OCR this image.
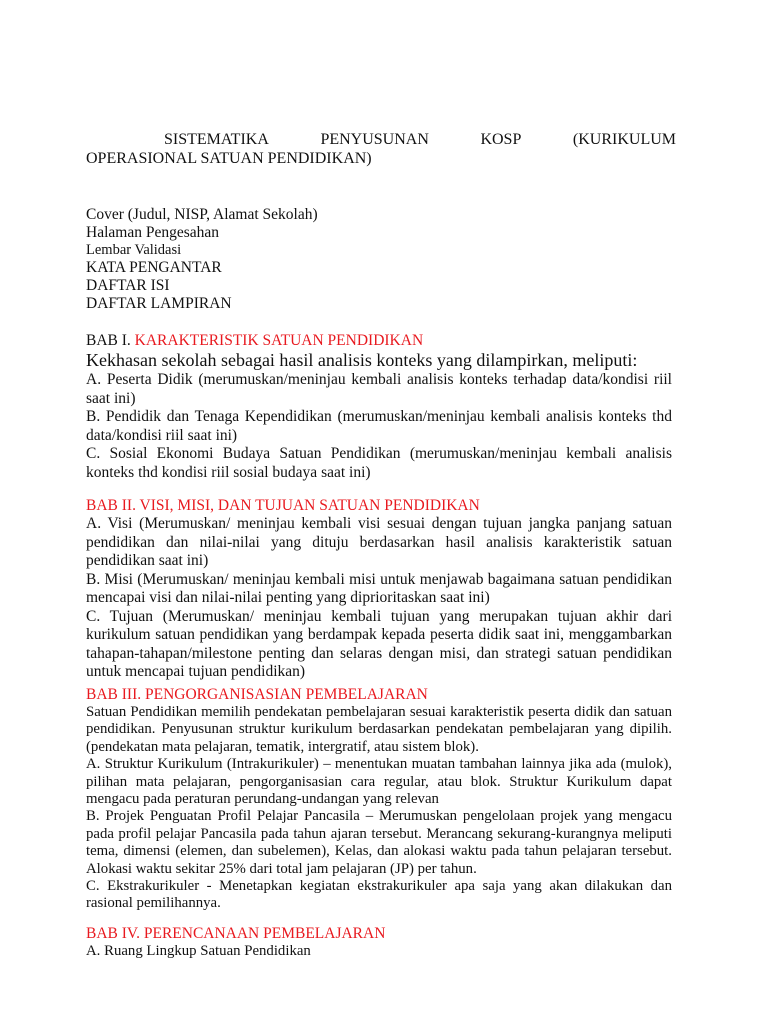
SISTEMATIKA	PENYUSUNAN	KOSP	(KURIKULUM
OPERASIONAL SATUAN PENDIDIKAN)
Cover (Judul, NISP, Alamat Sekolah)
Halaman Pengesahan
Lembar Validasi
KATA PENGANTAR
DAFTAR ISI
DAFTAR LAMPIRAN
BAB I. KARAKTERISTIK SATUAN PENDIDIKAN
Kekhasan sekolah sebagai hasil analisis konteks yang dilampirkan, meliputi:
A. Peserta Didik (merumuskan/meninjau kembali analisis konteks terhadap data/kondisi riil saat ini)
B. Pendidik dan Tenaga Kependidikan (merumuskan/meninjau kembali analisis konteks thd data/kondisi riil saat ini)
C. Sosial Ekonomi Budaya Satuan Pendidikan (merumuskan/meninjau kembali analisis konteks thd kondisi riil sosial budaya saat ini)
BAB II. VISI, MISI, DAN TUJUAN SATUAN PENDIDIKAN
A. Visi (Merumuskan/ meninjau kembali visi sesuai dengan tujuan jangka panjang satuan pendidikan dan nilai-nilai yang dituju berdasarkan hasil analisis karakteristik satuan pendidikan saat ini)
B. Misi (Merumuskan/ meninjau kembali misi untuk menjawab bagaimana satuan pendidikan mencapai visi dan nilai-nilai penting yang diprioritaskan saat ini)
C. Tujuan (Merumuskan/ meninjau kembali tujuan yang merupakan tujuan akhir dari kurikulum satuan pendidikan yang berdampak kepada peserta didik saat ini, menggambarkan tahapan-tahapan/milestone penting dan selaras dengan misi, dan strategi satuan pendidikan untuk mencapai tujuan pendidikan)
BAB III. PENGORGANISASIAN PEMBELAJARAN
Satuan Pendidikan memilih pendekatan pembelajaran sesuai karakteristik peserta didik dan satuan pendidikan. Penyusunan struktur kurikulum berdasarkan pendekatan pembelajaran yang dipilih.(pendekatan mata pelajaran, tematik, intergratif, atau sistem blok).
A. Struktur Kurikulum (Intrakurikuler) – menentukan muatan tambahan lainnya jika ada (mulok), pilihan mata pelajaran, pengorganisasian cara regular, atau blok. Struktur Kurikulum dapat mengacu pada peraturan perundang-undangan yang relevan
B. Projek Penguatan Profil Pelajar Pancasila – Merumuskan pengelolaan projek yang mengacu pada profil pelajar Pancasila pada tahun ajaran tersebut. Merancang sekurang-kurangnya meliputi tema, dimensi (elemen, dan subelemen), Kelas, dan alokasi waktu pada tahun pelajaran tersebut. Alokasi waktu sekitar 25% dari total jam pelajaran (JP) per tahun.
C. Ekstrakurikuler - Menetapkan kegiatan ekstrakurikuler apa saja yang akan dilakukan dan rasional pemilihannya.
BAB IV. PERENCANAAN PEMBELAJARAN
A. Ruang Lingkup Satuan Pendidikan
